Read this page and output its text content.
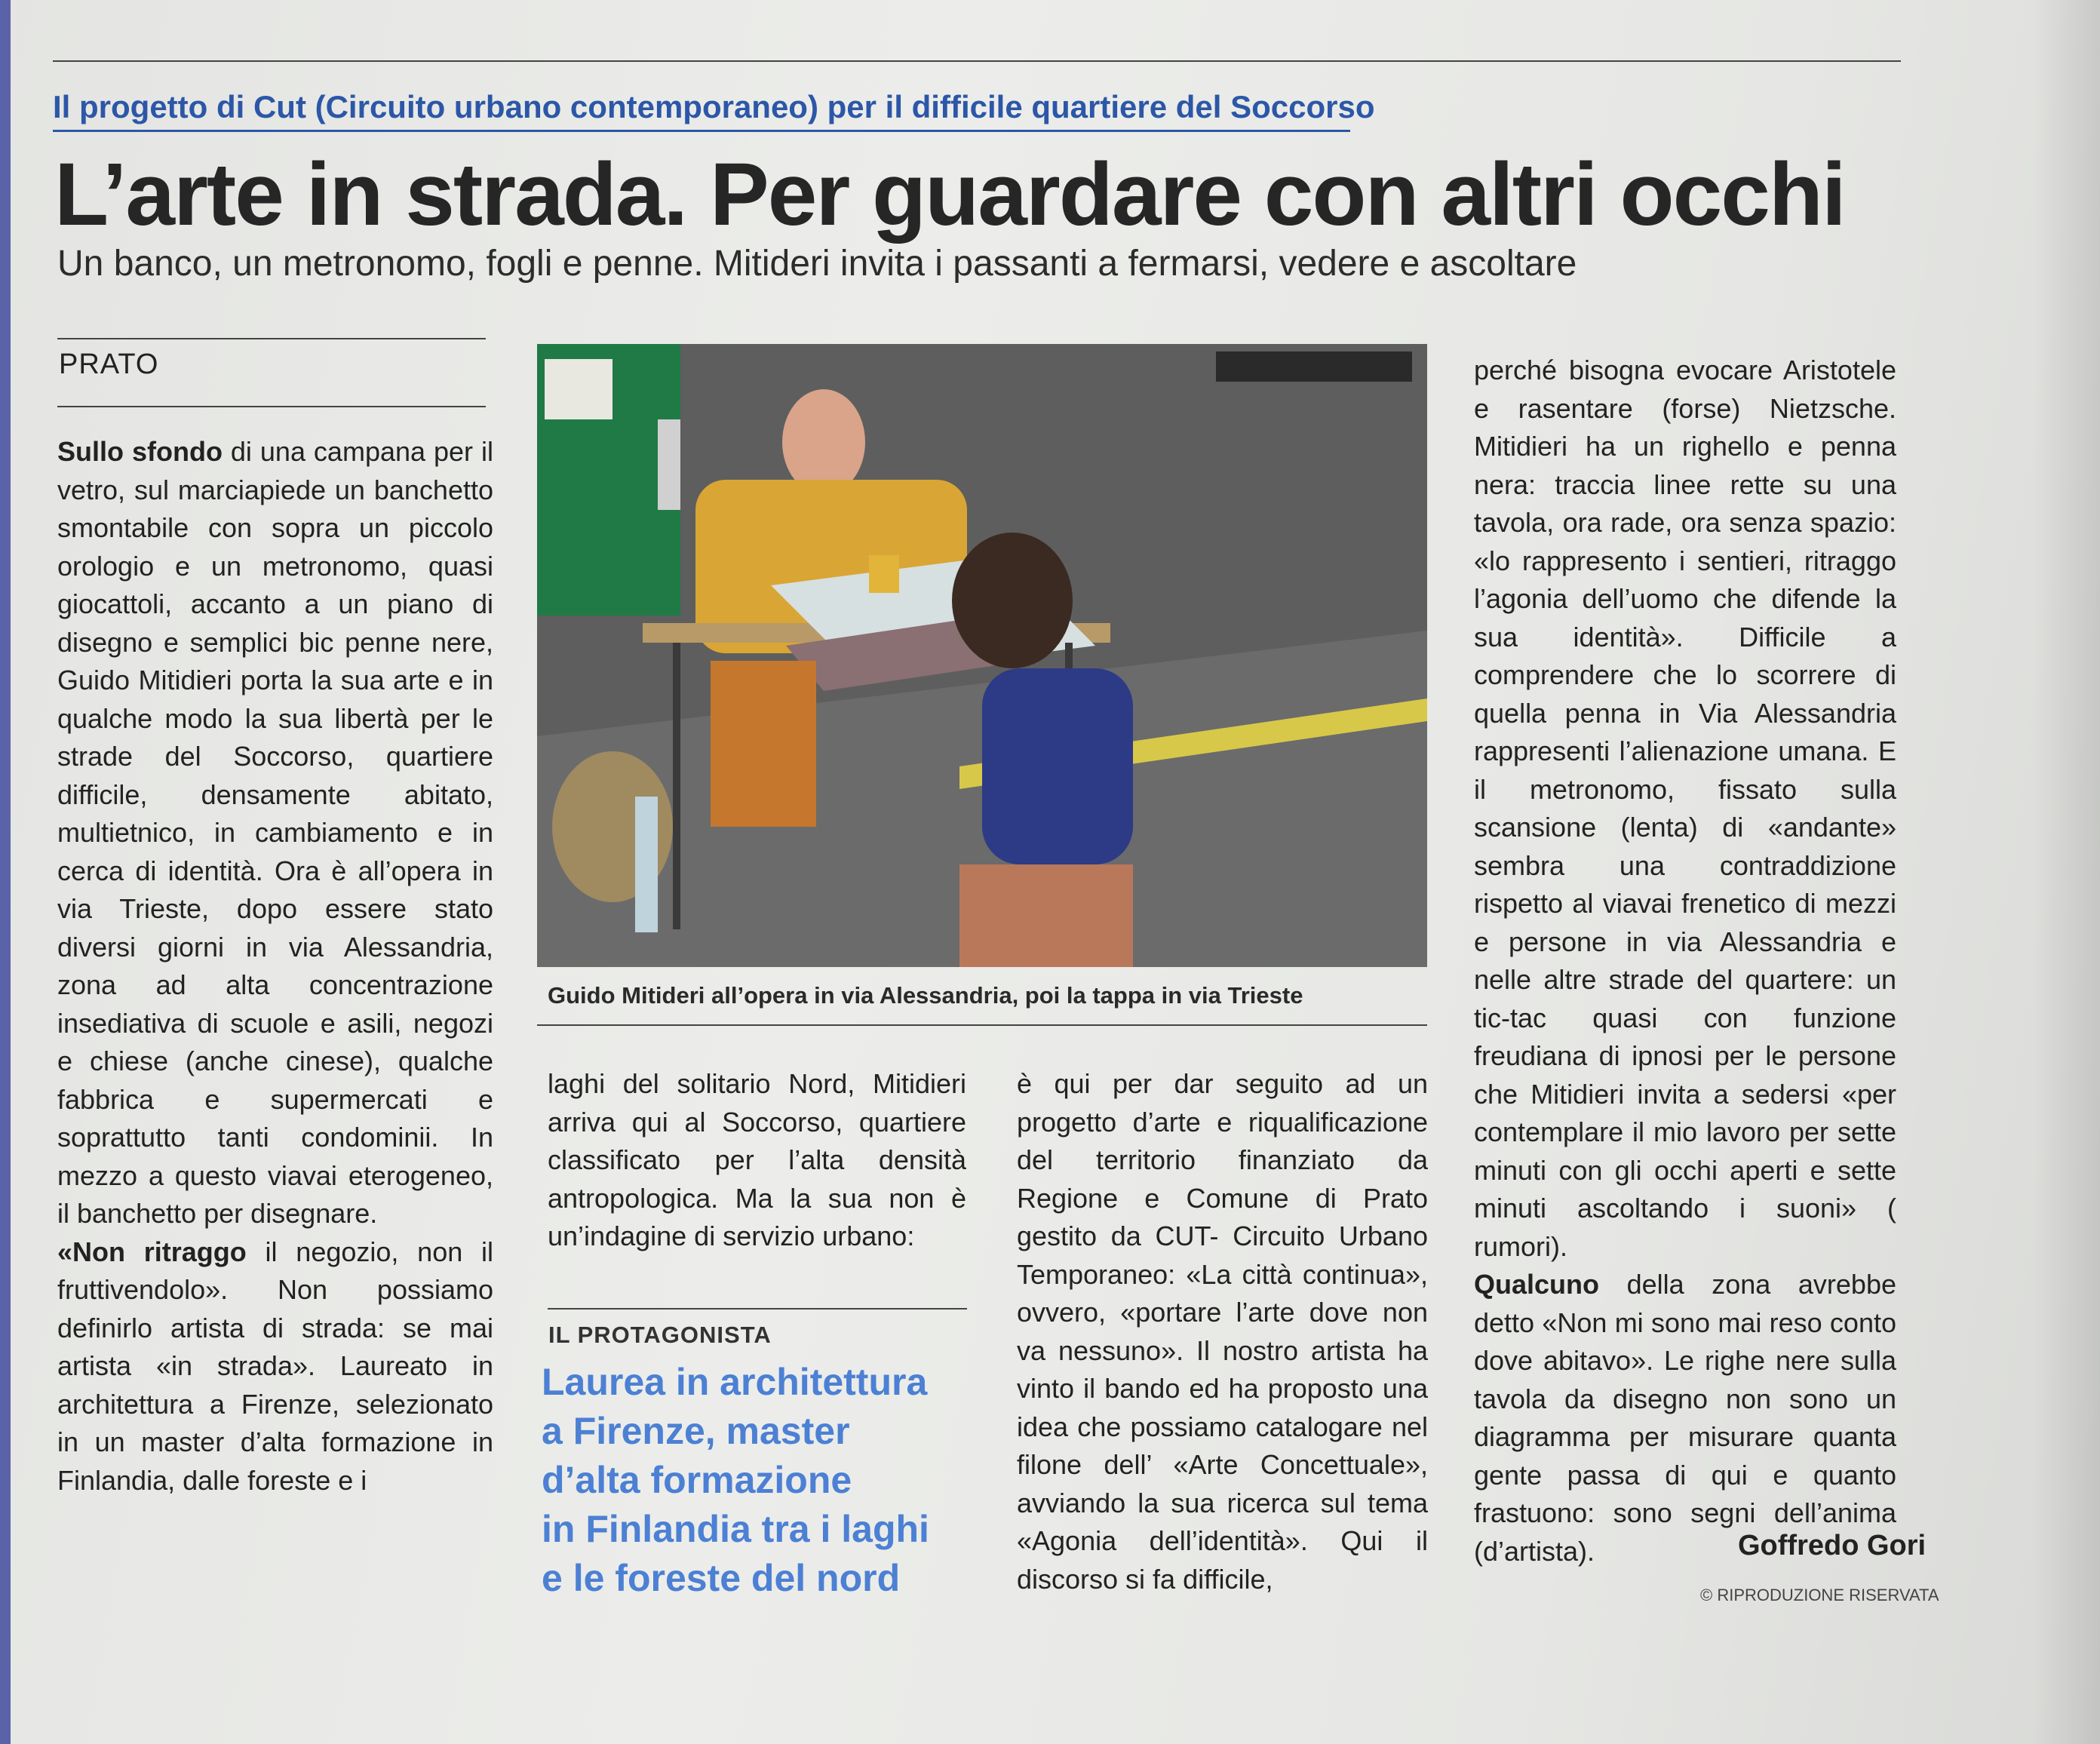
Il progetto di Cut (Circuito urbano contemporaneo) per il difficile quartiere del Soccorso
L’arte in strada. Per guardare con altri occhi
Un banco, un metronomo, fogli e penne. Mitideri invita i passanti a fermarsi, vedere e ascoltare
PRATO

Sullo sfondo di una campana per il vetro, sul marciapiede un banchetto smontabile con sopra un piccolo orologio e un metronomo, quasi giocattoli, accanto a un piano di disegno e semplici bic penne nere, Guido Mitidieri porta la sua arte e in qualche modo la sua libertà per le strade del Soccorso, quartiere difficile, densamente abitato, multietnico, in cambiamento e in cerca di identità. Ora è all’opera in via Trieste, dopo essere stato diversi giorni in via Alessandria, zona ad alta concentrazione insediativa di scuole e asili, negozi e chiese (anche cinese), qualche fabbrica e supermercati e soprattutto tanti condominii. In mezzo a questo viavai eterogeneo, il banchetto per disegnare.

«Non ritraggo il negozio, non il fruttivendolo». Non possiamo definirlo artista di strada: se mai artista «in strada». Laureato in architettura a Firenze, selezionato in un master d’alta formazione in Finlandia, dalle foreste e i

Guido Mitideri all’opera in via Alessandria, poi la tappa in via Trieste

laghi del solitario Nord, Mitidieri arriva qui al Soccorso, quartiere classificato per l’alta densità antropologica. Ma la sua non è un’indagine di servizio urbano:

IL PROTAGONISTA
Laurea in architettura
a Firenze, master
d’alta formazione
in Finlandia tra i laghi
e le foreste del nord

è qui per dar seguito ad un progetto d’arte e riqualificazione del territorio finanziato da Regione e Comune di Prato gestito da CUT- Circuito Urbano Temporaneo: «La città continua», ovvero, «portare l’arte dove non va nessuno». Il nostro artista ha vinto il bando ed ha proposto una idea che possiamo catalogare nel filone dell’ «Arte Concettuale», avviando la sua ricerca sul tema «Agonia dell’identità». Qui il discorso si fa difficile,

perché bisogna evocare Aristotele e rasentare (forse) Nietzsche. Mitidieri ha un righello e penna nera: traccia linee rette su una tavola, ora rade, ora senza spazio: «lo rappresento i sentieri, ritraggo l’agonia dell’uomo che difende la sua identità». Difficile a comprendere che lo scorrere di quella penna in Via Alessandria rappresenti l’alienazione umana. E il metronomo, fissato sulla scansione (lenta) di «andante» sembra una contraddizione rispetto al viavai frenetico di mezzi e persone in via Alessandria e nelle altre strade del quartere: un tic-tac quasi con funzione freudiana di ipnosi per le persone che Mitidieri invita a sedersi «per contemplare il mio lavoro per sette minuti con gli occhi aperti e sette minuti ascoltando i suoni» ( rumori).

Qualcuno della zona avrebbe detto «Non mi sono mai reso conto dove abitavo». Le righe nere sulla tavola da disegno non sono un diagramma per misurare quanta gente passa di qui e quanto frastuono: sono segni dell’anima (d’artista).	Goffredo Gori
© RIPRODUZIONE RISERVATA
